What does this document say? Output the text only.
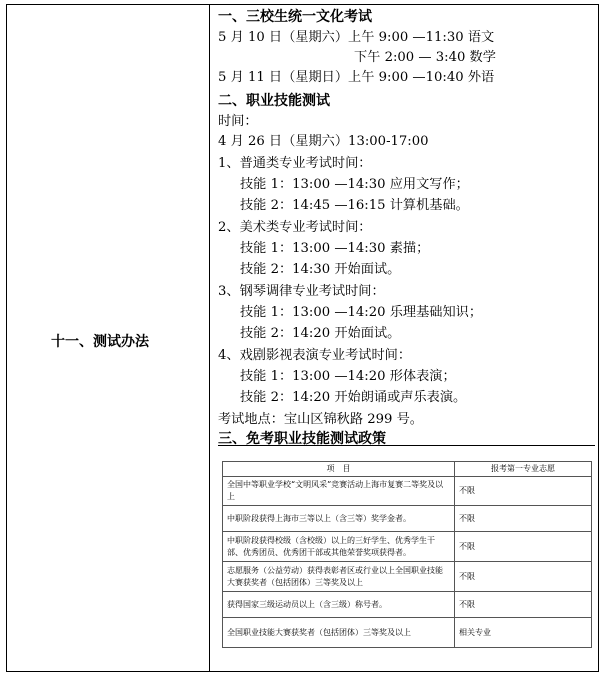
十一、测试办法
项　目	报考第一专业志愿
全国中等职业学校“文明风采”竞赛活动上海市复赛二等奖及以上	不限
中职阶段获得上海市三等以上（含三等）奖学金者。	不限
中职阶段获得校级（含校级）以上的三好学生、优秀学生干部、优秀团员、优秀团干部或其他荣誉奖项获得者。	不限
志愿服务（公益劳动）获得表彰者区或行业以上全国职业技能大赛获奖者（包括团体）三等奖及以上	不限
获得国家三级运动员以上（含三级）称号者。	不限
全国职业技能大赛获奖者（包括团体）三等奖及以上	相关专业
一、三校生统一文化考试
5 月 10 日（星期六）上午 9:00 —11:30 语文
下午 2:00 — 3:40 数学
5 月 11 日（星期日）上午 9:00 —10:40 外语
二、职业技能测试
时间：
4 月 26 日（星期六）13:00-17:00
1、普通类专业考试时间：
技能 1：13:00 —14:30 应用文写作；
技能 2：14:45 —16:15 计算机基础。
2、美术类专业考试时间：
技能 1：13:00 —14:30 素描；
技能 2：14:30 开始面试。
3、钢琴调律专业考试时间：
技能 1：13:00 —14:20 乐理基础知识；
技能 2：14:20 开始面试。
4、戏剧影视表演专业考试时间：
技能 1：13:00 —14:20 形体表演；
技能 2：14:20 开始朗诵或声乐表演。
考试地点：宝山区锦秋路 299 号。
三、免考职业技能测试政策
